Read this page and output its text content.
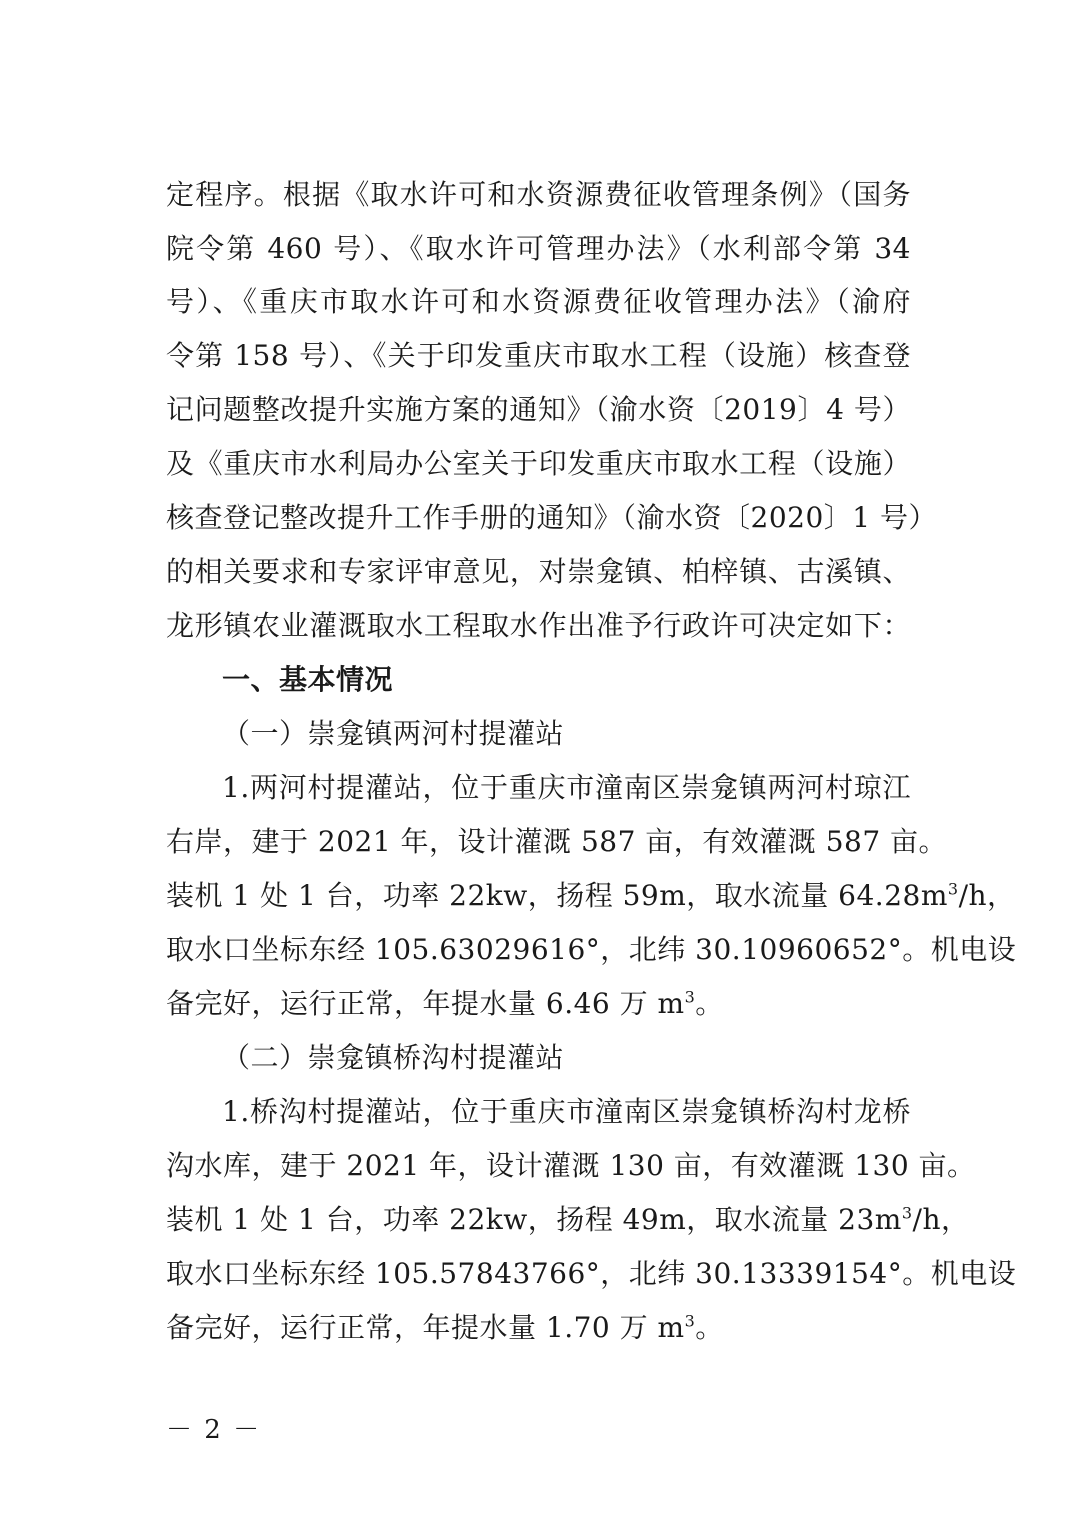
定程序。根据《取水许可和水资源费征收管理条例》（国务
院令第 460 号）、《取水许可管理办法》（水利部令第 34
号）、《重庆市取水许可和水资源费征收管理办法》（渝府
令第 158 号）、《关于印发重庆市取水工程（设施）核查登
记问题整改提升实施方案的通知》（渝水资〔2019〕4 号）
及《重庆市水利局办公室关于印发重庆市取水工程（设施）
核查登记整改提升工作手册的通知》（渝水资〔2020〕1 号）
的相关要求和专家评审意见，对崇龛镇、柏梓镇、古溪镇、
龙形镇农业灌溉取水工程取水作出准予行政许可决定如下：
一、基本情况
（一）崇龛镇两河村提灌站
1.两河村提灌站，位于重庆市潼南区崇龛镇两河村琼江
右岸，建于 2021 年，设计灌溉 587 亩，有效灌溉 587 亩。
装机 1 处 1 台，功率 22kw，扬程 59m，取水流量 $64.28m^3/h$，
取水口坐标东经 105.63029616°，北纬 30.10960652°。机电设
备完好，运行正常，年提水量 6.46 万 $m^3$。
（二）崇龛镇桥沟村提灌站
1.桥沟村提灌站，位于重庆市潼南区崇龛镇桥沟村龙桥
沟水库，建于 2021 年，设计灌溉 130 亩，有效灌溉 130 亩。
装机 1 处 1 台，功率 22kw，扬程 49m，取水流量 $23m^3/h$，
取水口坐标东经 105.57843766°，北纬 30.13339154°。机电设
备完好，运行正常，年提水量 1.70 万 $m^3$。
－ 2 －
